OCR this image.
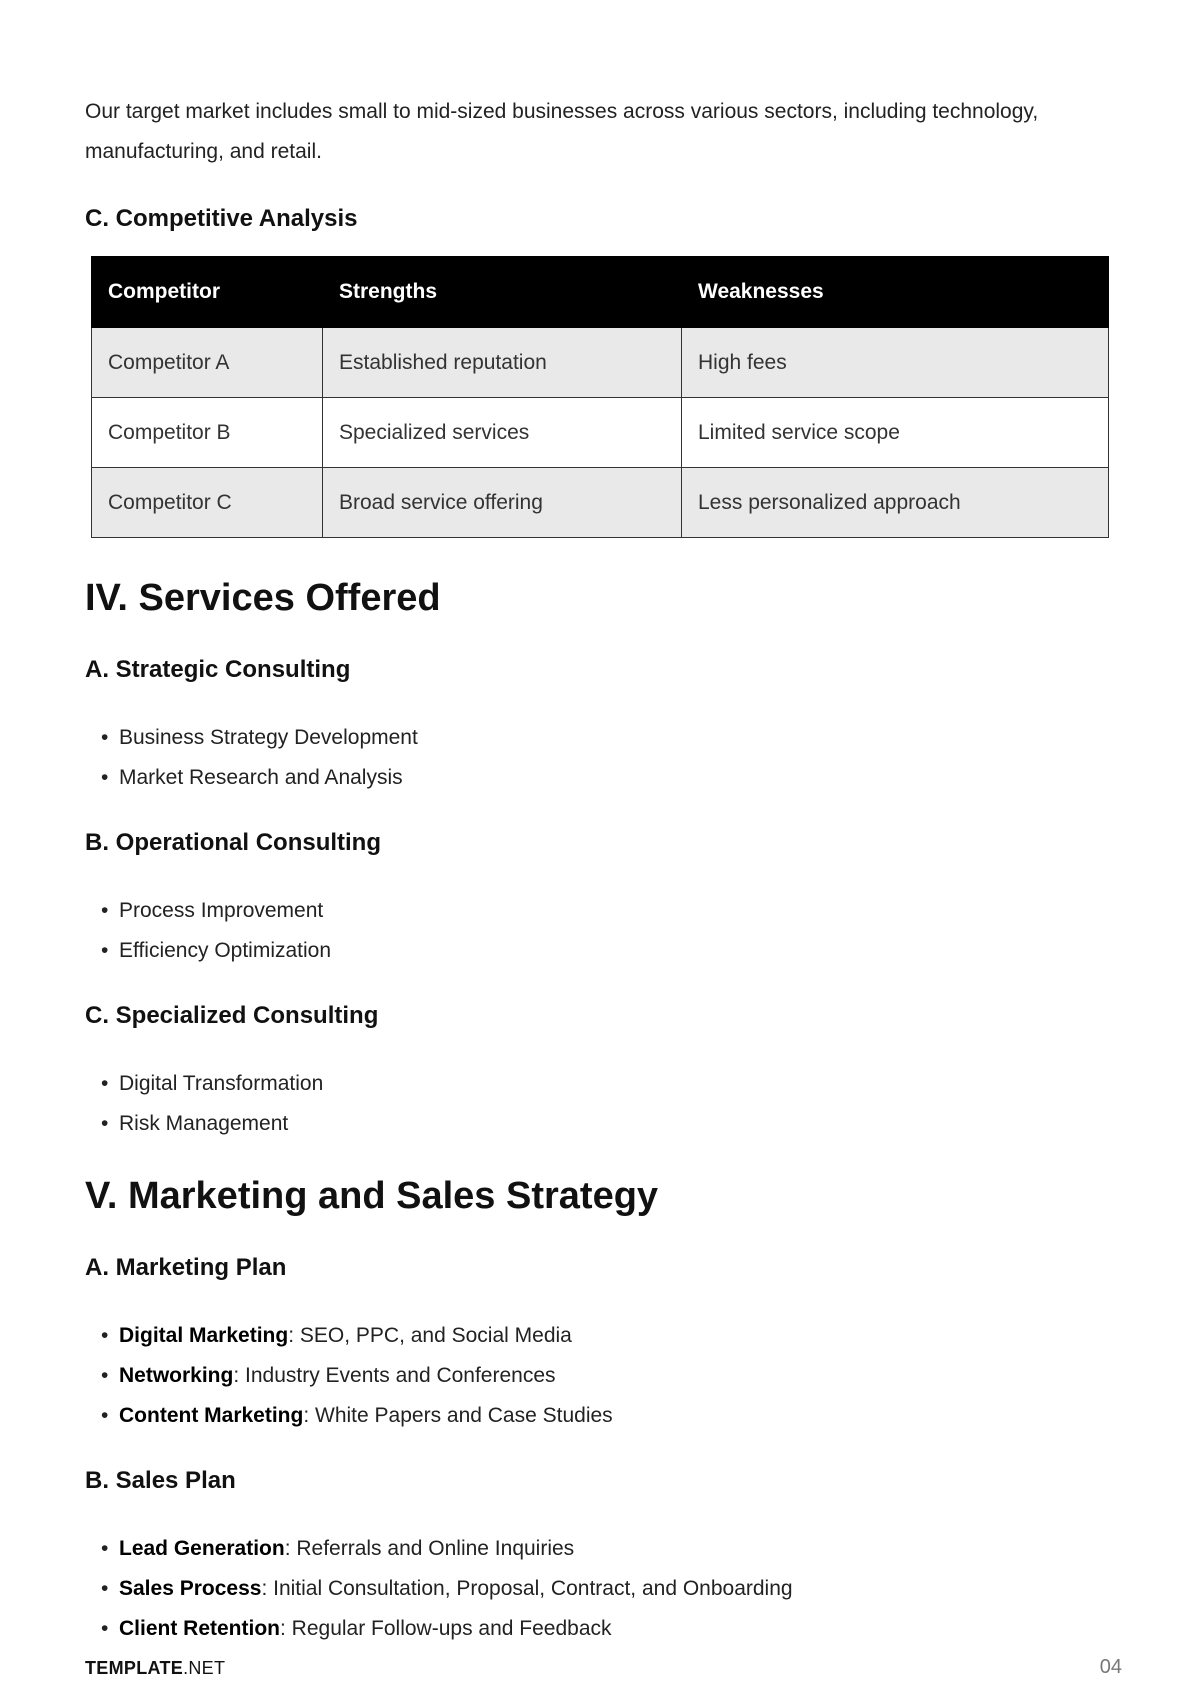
Our target market includes small to mid-sized businesses across various sectors, including technology, manufacturing, and retail.

C. Competitive Analysis
Competitor	Strengths	Weaknesses
Competitor A	Established reputation	High fees
Competitor B	Specialized services	Limited service scope
Competitor C	Broad service offering	Less personalized approach
IV. Services Offered
A. Strategic Consulting
• Business Strategy Development
• Market Research and Analysis
B. Operational Consulting
• Process Improvement
• Efficiency Optimization
C. Specialized Consulting
• Digital Transformation
• Risk Management
V. Marketing and Sales Strategy
A. Marketing Plan
• Digital Marketing: SEO, PPC, and Social Media
• Networking: Industry Events and Conferences
• Content Marketing: White Papers and Case Studies
B. Sales Plan
• Lead Generation: Referrals and Online Inquiries
• Sales Process: Initial Consultation, Proposal, Contract, and Onboarding
• Client Retention: Regular Follow-ups and Feedback
TEMPLATE.NET	04
